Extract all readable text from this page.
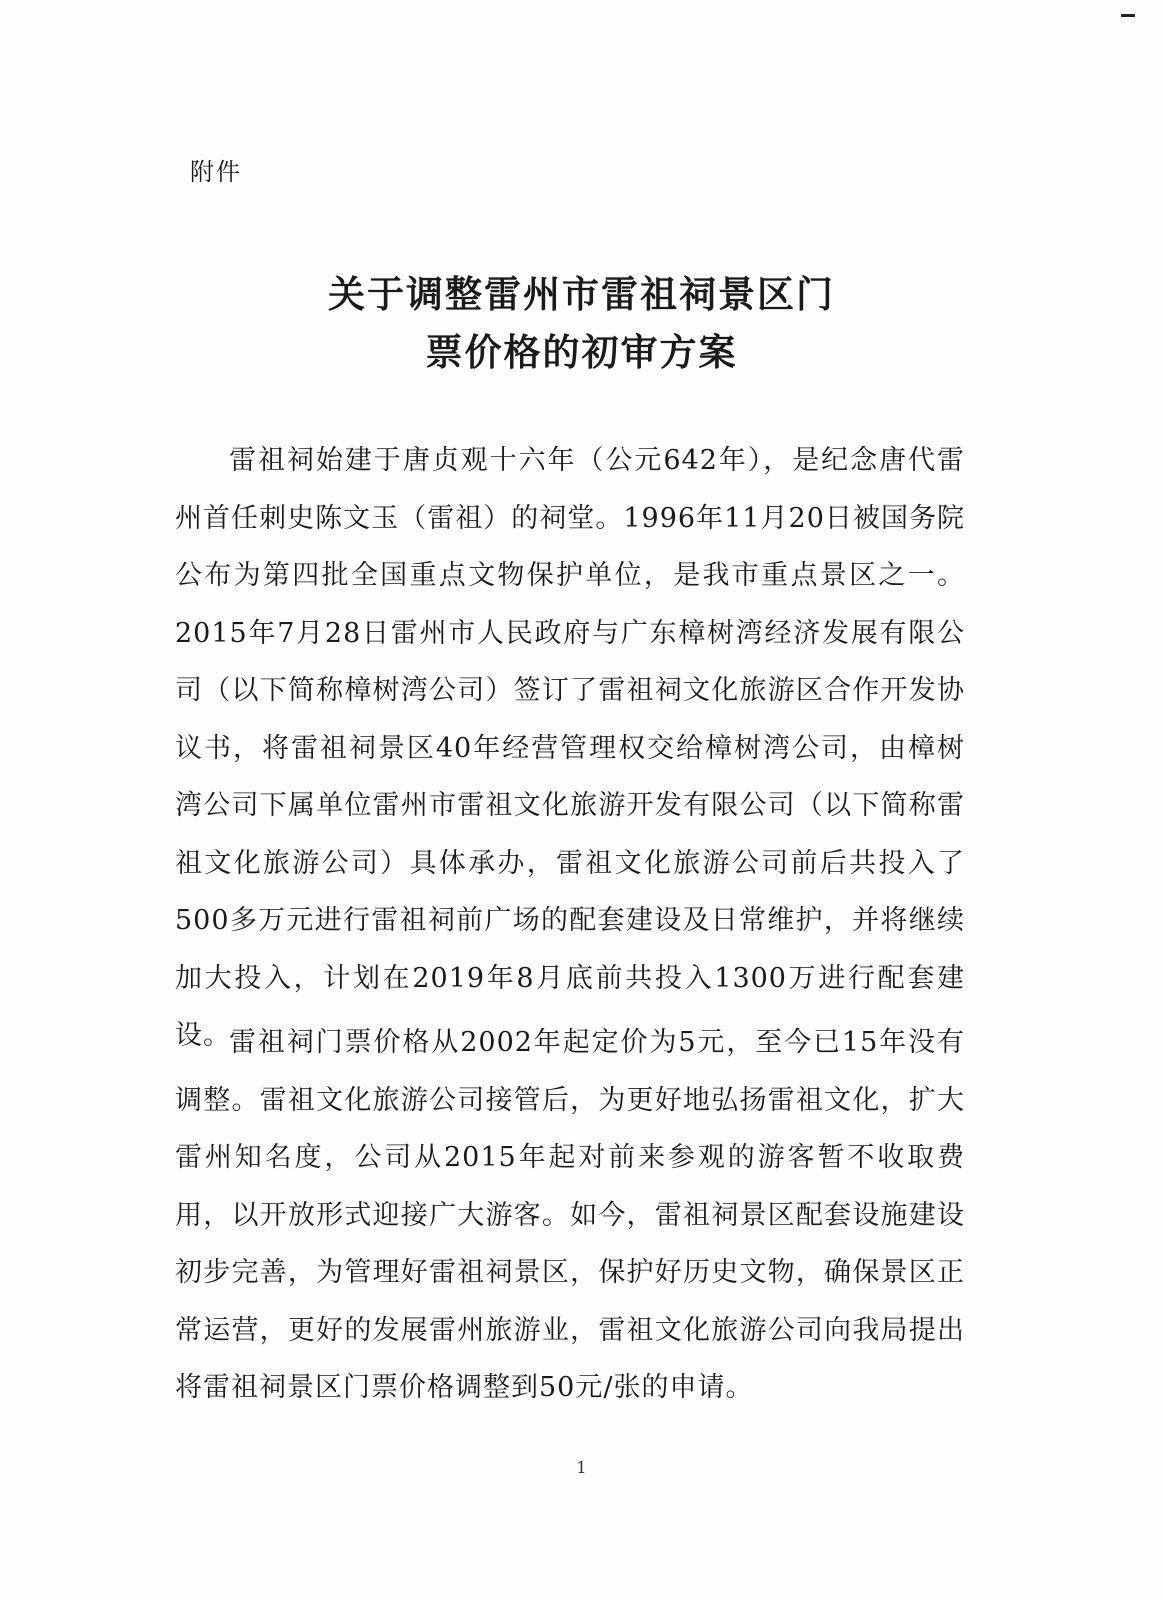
附件
关于调整雷州市雷祖祠景区门
票价格的初审方案
雷祖祠始建于唐贞观十六年（公元642年），是纪念唐代雷州首任刺史陈文玉（雷祖）的祠堂。1996年11月20日被国务院公布为第四批全国重点文物保护单位，是我市重点景区之一。2015年7月28日雷州市人民政府与广东樟树湾经济发展有限公司（以下简称樟树湾公司）签订了雷祖祠文化旅游区合作开发协议书，将雷祖祠景区40年经营管理权交给樟树湾公司，由樟树湾公司下属单位雷州市雷祖文化旅游开发有限公司（以下简称雷祖文化旅游公司）具体承办，雷祖文化旅游公司前后共投入了500多万元进行雷祖祠前广场的配套建设及日常维护，并将继续加大投入，计划在2019年8月底前共投入1300万进行配套建设。
雷祖祠门票价格从2002年起定价为5元，至今已15年没有调整。雷祖文化旅游公司接管后，为更好地弘扬雷祖文化，扩大雷州知名度，公司从2015年起对前来参观的游客暂不收取费用，以开放形式迎接广大游客。如今，雷祖祠景区配套设施建设初步完善，为管理好雷祖祠景区，保护好历史文物，确保景区正常运营，更好的发展雷州旅游业，雷祖文化旅游公司向我局提出将雷祖祠景区门票价格调整到50元/张的申请。
1
